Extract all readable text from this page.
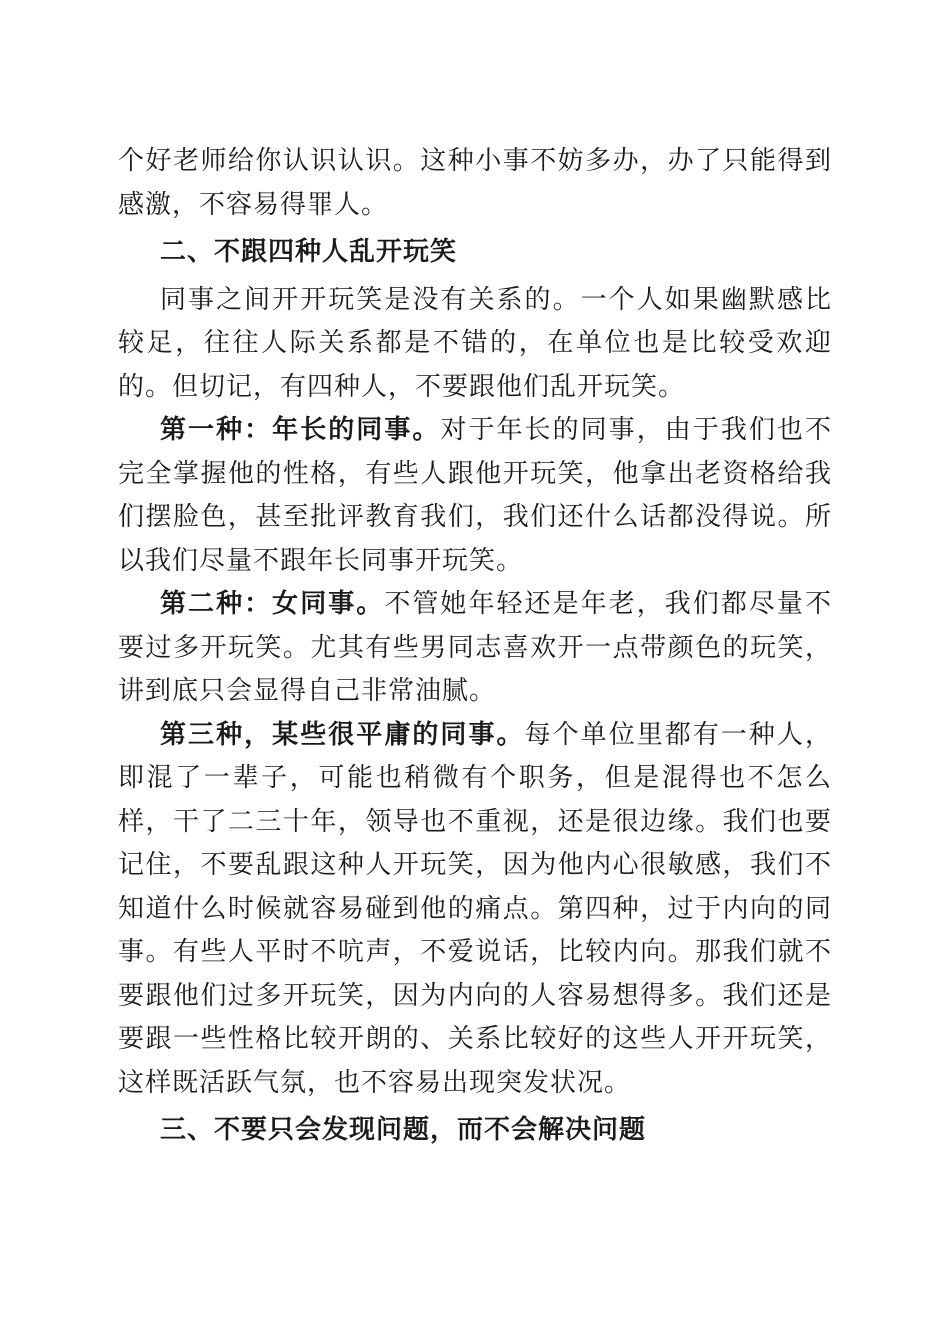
个好老师给你认识认识。这种小事不妨多办，办了只能得到感激，不容易得罪人。

二、不跟四种人乱开玩笑

同事之间开开玩笑是没有关系的。一个人如果幽默感比较足，往往人际关系都是不错的，在单位也是比较受欢迎的。但切记，有四种人，不要跟他们乱开玩笑。

第一种：年长的同事。对于年长的同事，由于我们也不完全掌握他的性格，有些人跟他开玩笑，他拿出老资格给我们摆脸色，甚至批评教育我们，我们还什么话都没得说。所以我们尽量不跟年长同事开玩笑。

第二种：女同事。不管她年轻还是年老，我们都尽量不要过多开玩笑。尤其有些男同志喜欢开一点带颜色的玩笑，讲到底只会显得自己非常油腻。

第三种，某些很平庸的同事。每个单位里都有一种人，即混了一辈子，可能也稍微有个职务，但是混得也不怎么样，干了二三十年，领导也不重视，还是很边缘。我们也要记住，不要乱跟这种人开玩笑，因为他内心很敏感，我们不知道什么时候就容易碰到他的痛点。第四种，过于内向的同事。有些人平时不吭声，不爱说话，比较内向。那我们就不要跟他们过多开玩笑，因为内向的人容易想得多。我们还是要跟一些性格比较开朗的、关系比较好的这些人开开玩笑，这样既活跃气氛，也不容易出现突发状况。

三、不要只会发现问题，而不会解决问题
